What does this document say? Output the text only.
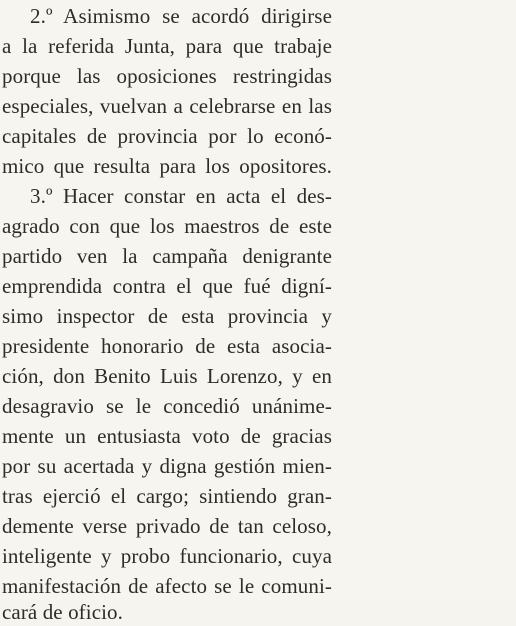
2.º Asimismo se acordó dirigirse
a la referida Junta, para que trabaje
porque las oposiciones restringidas
especiales, vuelvan a celebrarse en las
capitales de provincia por lo econó-
mico que resulta para los opositores.
3.º Hacer constar en acta el des-
agrado con que los maestros de este
partido ven la campaña denigrante
emprendida contra el que fué digní-
simo inspector de esta provincia y
presidente honorario de esta asocia-
ción, don Benito Luis Lorenzo, y en
desagravio se le concedió unánime-
mente un entusiasta voto de gracias
por su acertada y digna gestión mien-
tras ejerció el cargo; sintiendo gran-
demente verse privado de tan celoso,
inteligente y probo funcionario, cuya
manifestación de afecto se le comuni-
cará de oficio.
